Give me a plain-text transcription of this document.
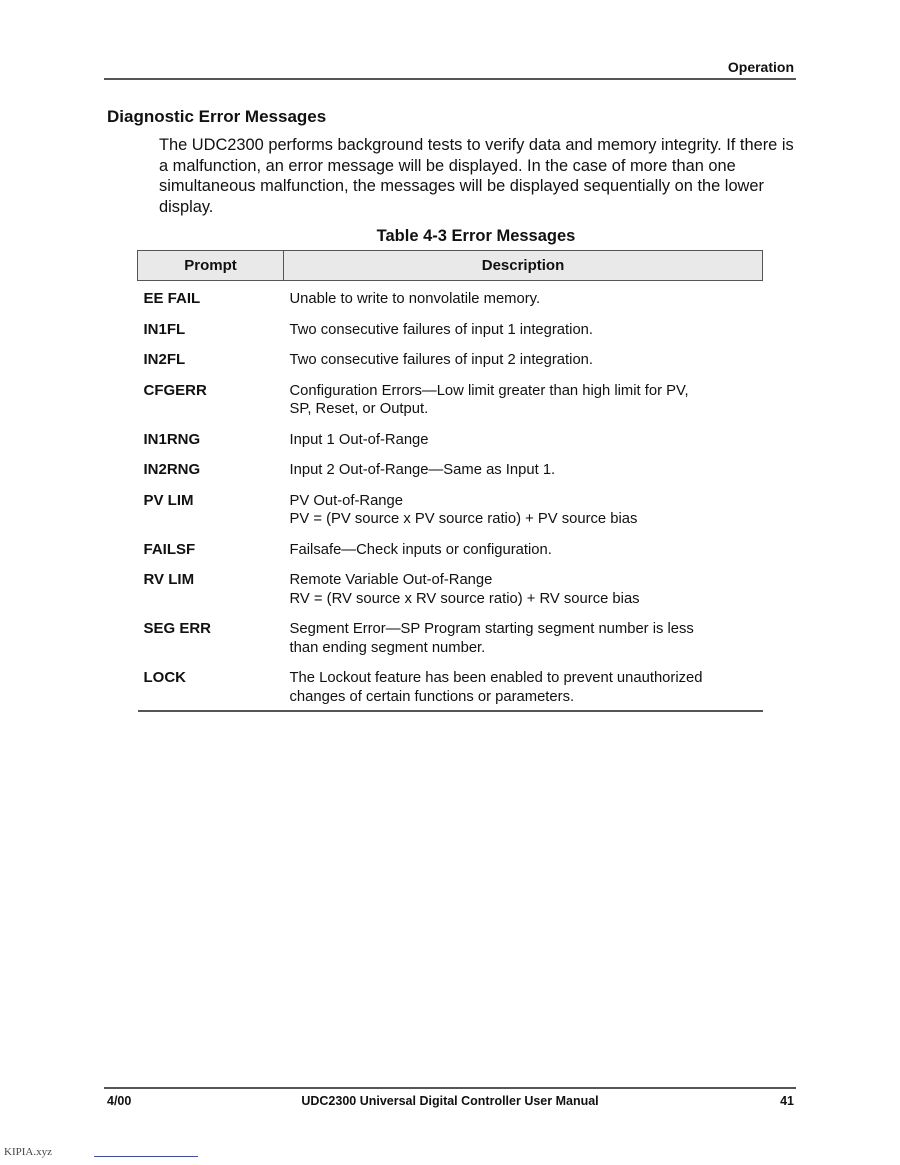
Operation
Diagnostic Error Messages
The UDC2300 performs background tests to verify data and memory integrity. If there is a malfunction, an error message will be displayed. In the case of more than one simultaneous malfunction, the messages will be displayed sequentially on the lower display.
Table 4-3 Error Messages
Prompt	Description
EE FAIL	Unable to write to nonvolatile memory.

IN1FL	Two consecutive failures of input 1 integration.

IN2FL	Two consecutive failures of input 2 integration.

CFGERR	Configuration Errors—Low limit greater than high limit for PV,
SP, Reset, or Output.

IN1RNG	Input 1 Out-of-Range

IN2RNG	Input 2 Out-of-Range—Same as Input 1.

PV LIM	PV Out-of-Range
PV = (PV source x PV source ratio) + PV source bias

FAILSF	Failsafe—Check inputs or configuration.

RV LIM	Remote Variable Out-of-Range
RV = (RV source x RV source ratio) + RV source bias

SEG ERR	Segment Error—SP Program starting segment number is less
than ending segment number.

LOCK	The Lockout feature has been enabled to prevent unauthorized
changes of certain functions or parameters.
4/00	UDC2300 Universal Digital Controller User Manual	41
KIPIA.xyz
